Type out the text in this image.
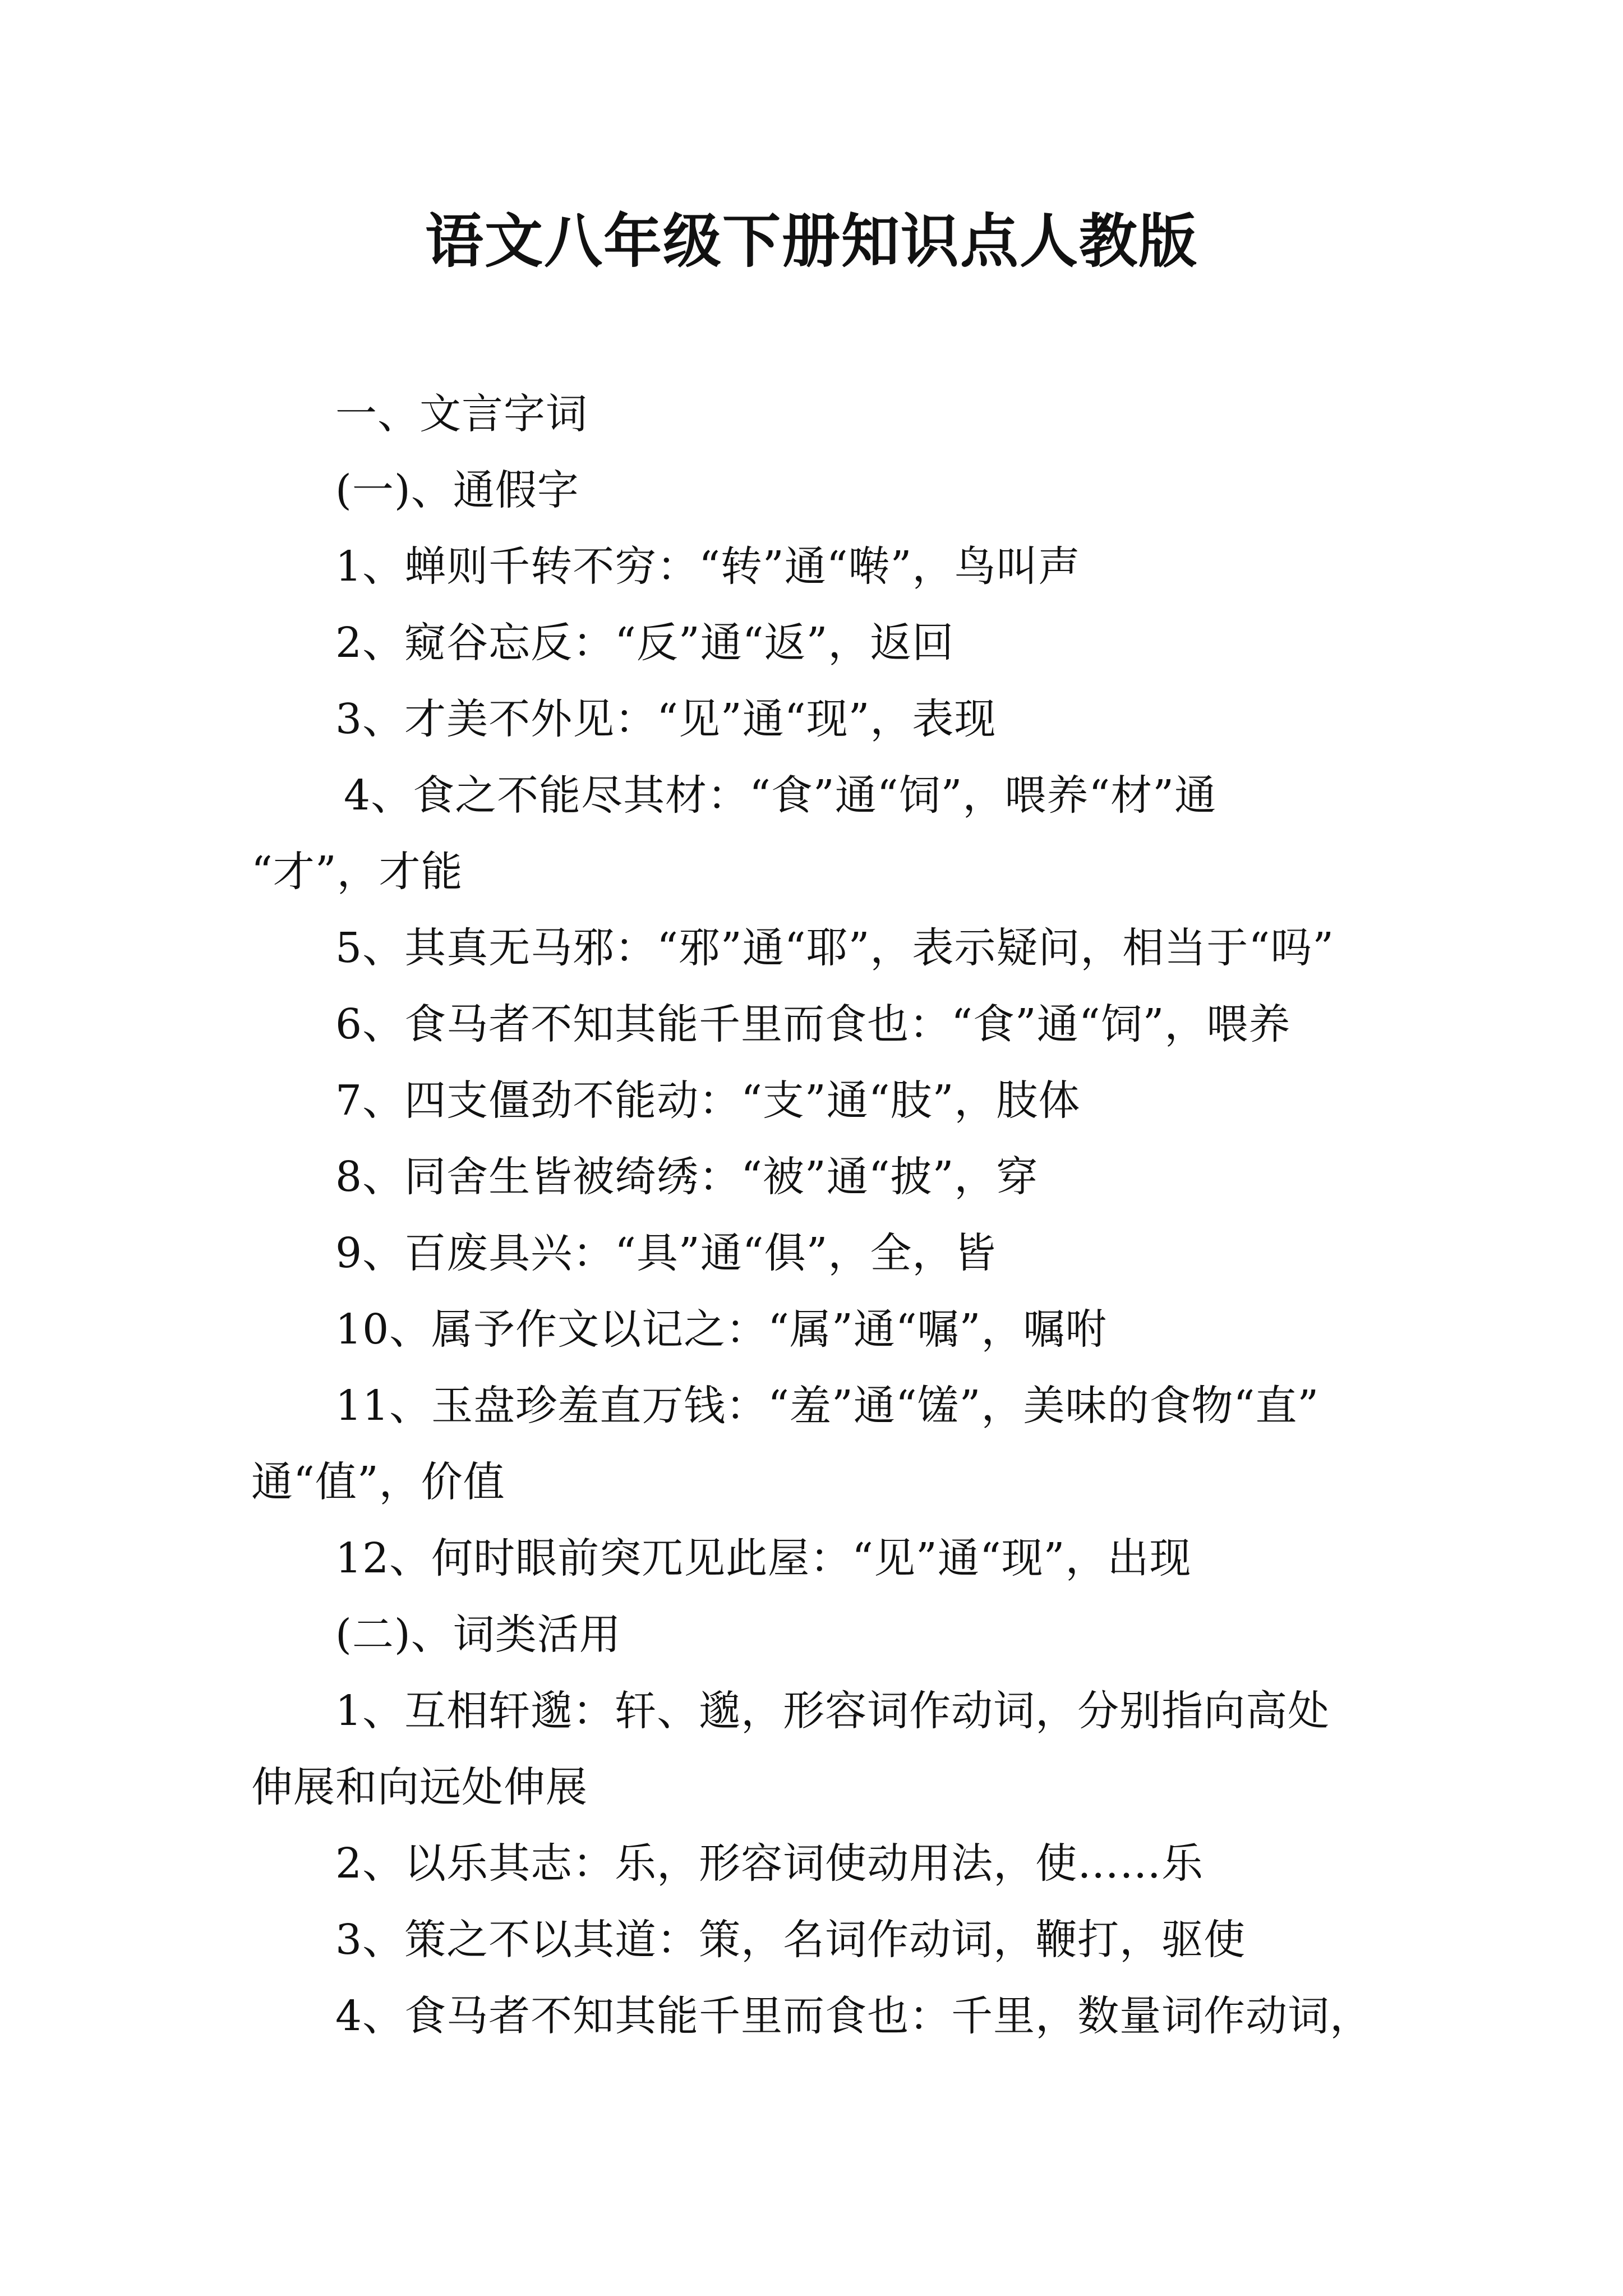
语文八年级下册知识点人教版
一、文言字词
(一)、通假字
1、蝉则千转不穷：“转”通“啭”，鸟叫声
2、窥谷忘反：“反”通“返”，返回
3、才美不外见：“见”通“现”，表现
4、食之不能尽其材：“食”通“饲”，喂养“材”通
“才”，才能
5、其真无马邪：“邪”通“耶”，表示疑问，相当于“吗”
6、食马者不知其能千里而食也：“食”通“饲”，喂养
7、四支僵劲不能动：“支”通“肢”，肢体
8、同舍生皆被绮绣：“被”通“披”，穿
9、百废具兴：“具”通“俱”，全，皆
10、属予作文以记之：“属”通“嘱”，嘱咐
11、玉盘珍羞直万钱：“羞”通“馐”，美味的食物“直”
通“值”，价值
12、何时眼前突兀见此屋：“见”通“现”，出现
(二)、词类活用
1、互相轩邈：轩、邈，形容词作动词，分别指向高处
伸展和向远处伸展
2、以乐其志：乐，形容词使动用法，使……乐
3、策之不以其道：策，名词作动词，鞭打，驱使
4、食马者不知其能千里而食也：千里，数量词作动词，
